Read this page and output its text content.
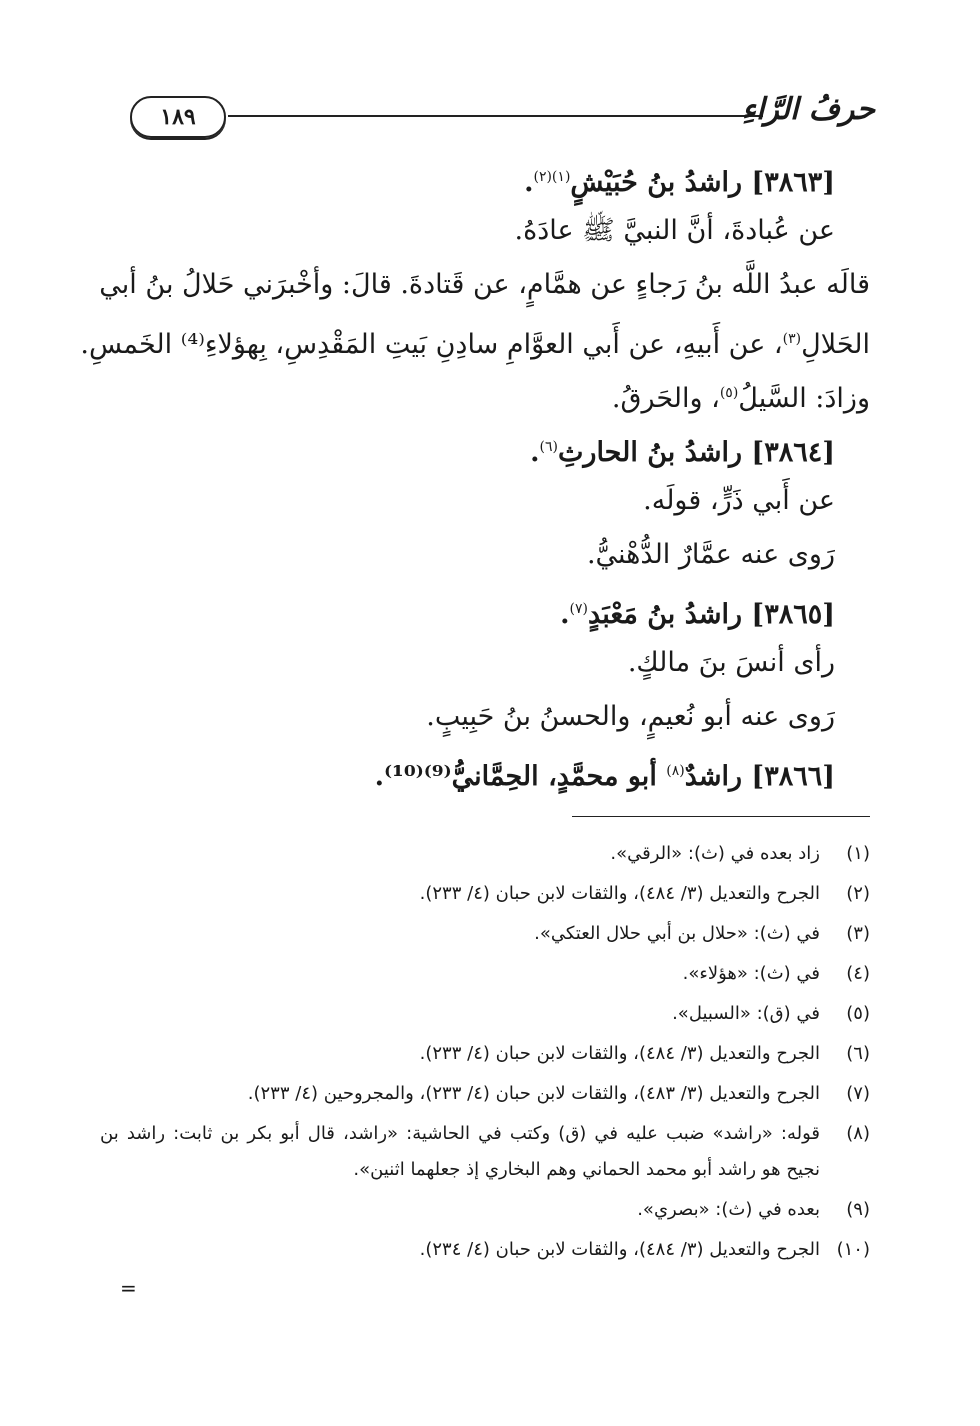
١٨٩	حرفُ الرَّاءِ
[٣٨٦٣] راشدُ بنُ حُبَيْشٍ$^{(١)(٢)}$.
عن عُبادةَ، أنَّ النبيَّ ﷺ عادَهُ.
قالَه عبدُ اللَّه بنُ رَجاءٍ عن همَّامٍ، عن قَتادةَ. قالَ: وأخْبرَني حَلالُ بنُ أبي
الحَلالِ$^{(٣)}$، عن أَبيهِ، عن أَبي العوَّامِ سادِنِ بَيتِ المَقْدِسِ، بِهؤلاءِ⁽⁴⁾ الخَمسِ.
وزادَ: السَّيلُ$^{(٥)}$، والحَرقُ.
[٣٨٦٤] راشدُ بنُ الحارثِ$^{(٦)}$.
عن أَبي ذَرٍّ، قولَه.
رَوى عنه عمَّارٌ الدُّهْنيُّ.
[٣٨٦٥] راشدُ بنُ مَعْبَدٍ$^{(٧)}$.
رأى أنسَ بنَ مالكٍ.
رَوى عنه أبو نُعيمٍ، والحسنُ بنُ حَبِيبٍ.
[٣٨٦٦] راشدٌ$^{(٨)}$ أبو محمَّدٍ، الحِمَّانيُّ⁽⁹⁾⁽¹⁰⁾.
(١)
زاد بعده في (ث): «الرقي».
(٢)
الجرح والتعديل (٣/ ٤٨٤)، والثقات لابن حبان (٤/ ٢٣٣).
(٣)
في (ث): «حلال بن أبي حلال العتكي».
(٤)
في (ث): «هؤلاء».
(٥)
في (ق): «السبيل».
(٦)
الجرح والتعديل (٣/ ٤٨٤)، والثقات لابن حبان (٤/ ٢٣٣).
(٧)
الجرح والتعديل (٣/ ٤٨٣)، والثقات لابن حبان (٤/ ٢٣٣)، والمجروحين (٤/ ٢٣٣).
(٨)
قوله: «راشد» ضبب عليه في (ق) وكتب في الحاشية: «راشد، قال أبو بكر بن ثابت: راشد بن نجيح هو راشد أبو محمد الحماني وهم البخاري إذ جعلهما اثنين».
(٩)
بعده في (ث): «بصري».
(١٠)
الجرح والتعديل (٣/ ٤٨٤)، والثقات لابن حبان (٤/ ٢٣٤).
=
